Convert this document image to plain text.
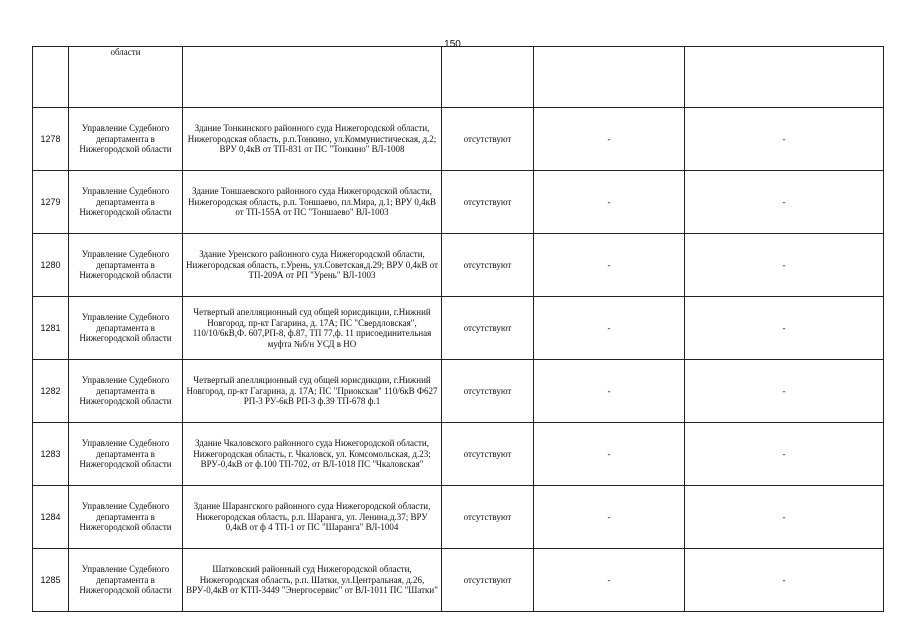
150
	области				
1278	Управление Судебного департамента в Нижегородской области	Здание Тонкинского районного суда Нижегородской области, Нижегородская область, р.п.Тонкино, ул.Коммунистическая, д.2; ВРУ 0,4кВ от ТП-831 от ПС "Тонкино" ВЛ-1008	отсутствуют	-	-
1279	Управление Судебного департамента в Нижегородской области	Здание Тоншаевского районного суда Нижегородской области, Нижегородская область, р.п. Тоншаево, пл.Мира, д.1; ВРУ 0,4кВ от ТП-155А от ПС "Тоншаево" ВЛ-1003	отсутствуют	-	-
1280	Управление Судебного департамента в Нижегородской области	Здание Уренского районного суда Нижегородской области, Нижегородская область, г.Урень, ул.Советская,д.29; ВРУ 0,4кВ от ТП-209А от РП "Урень" ВЛ-1003	отсутствуют	-	-
1281	Управление Судебного департамента в Нижегородской области	Четвертый апелляционный суд общей юрисдикции, г.Нижний Новгород, пр-кт Гагарина, д. 17А; ПС "Свердловская", 110/10/6кВ,Ф. 607,РП-8, ф.87, ТП 77,ф. 11 присоединительная муфта №б/н УСД в НО	отсутствуют	-	-
1282	Управление Судебного департамента в Нижегородской области	Четвертый апелляционный суд общей юрисдикции, г.Нижний Новгород, пр-кт Гагарина, д. 17А; ПС "Приокская" 110/6кВ Ф627 РП-3 РУ-6кВ РП-3 ф.39 ТП-678 ф.1	отсутствуют	-	-
1283	Управление Судебного департамента в Нижегородской области	Здание Чкаловского районного суда Нижегородской области, Нижегородская область, г. Чкаловск, ул. Комсомольская, д.23; ВРУ-0,4кВ от ф.100 ТП-702, от ВЛ-1018 ПС "Чкаловская"	отсутствуют	-	-
1284	Управление Судебного департамента в Нижегородской области	Здание Шарангского районного суда Нижегородской области, Нижегородская область, р.п. Шаранга, ул. Ленина,д.37; ВРУ 0,4кВ от ф 4 ТП-1 от ПС "Шаранга" ВЛ-1004	отсутствуют	-	-
1285	Управление Судебного департамента в Нижегородской области	Шатковский районный суд Нижегородской области, Нижегородская область, р.п. Шатки, ул.Центральная, д.26, ВРУ-0,4кВ от КТП-3449 "Энергосервис" от ВЛ-1011 ПС "Шатки"	отсутствуют	-	-
